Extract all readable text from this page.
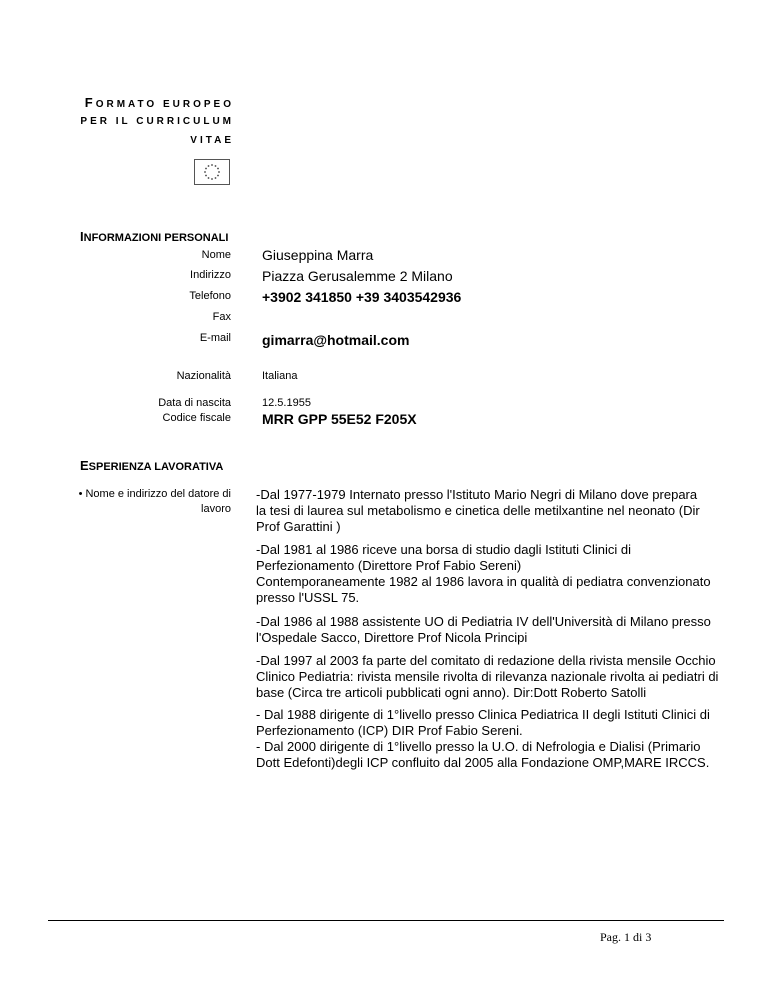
FORMATO EUROPEO
PER IL CURRICULUM
VITAE
INFORMAZIONI PERSONALI
Nome Giuseppina Marra
Indirizzo Piazza Gerusalemme 2 Milano
Telefono +3902 341850 +39 3403542936
Fax
E-mail gimarra@hotmail.com
Nazionalità	Italiana
Data di nascita	12.5.1955
Codice fiscale MRR GPP 55E52 F205X
ESPERIENZA LAVORATIVA
• Nome e indirizzo del datore di
lavoro

-Dal 1977-1979 Internato presso l'Istituto Mario Negri di Milano dove prepara

la tesi di laurea sul metabolismo e cinetica delle metilxantine nel neonato (Dir

Prof Garattini )

-Dal 1981 al 1986 riceve una borsa di studio dagli Istituti Clinici di

Perfezionamento (Direttore Prof Fabio Sereni)

Contemporaneamente 1982 al 1986 lavora in qualità di pediatra convenzionato

presso l'USSL 75.

-Dal 1986 al 1988 assistente UO di Pediatria IV dell'Università di Milano presso

l'Ospedale Sacco, Direttore Prof Nicola Principi

-Dal 1997 al 2003 fa parte del comitato di redazione della rivista mensile Occhio

Clinico Pediatria: rivista mensile rivolta di rilevanza nazionale rivolta ai pediatri di

base (Circa tre articoli pubblicati ogni anno). Dir:Dott Roberto Satolli

- Dal 1988 dirigente di 1°livello presso Clinica Pediatrica II degli Istituti Clinici di

Perfezionamento (ICP) DIR Prof Fabio Sereni.

- Dal 2000 dirigente di 1°livello presso la U.O. di Nefrologia e Dialisi (Primario

Dott Edefonti)degli ICP confluito dal 2005 alla Fondazione OMP,MARE IRCCS.

Pag. 1 di 3
